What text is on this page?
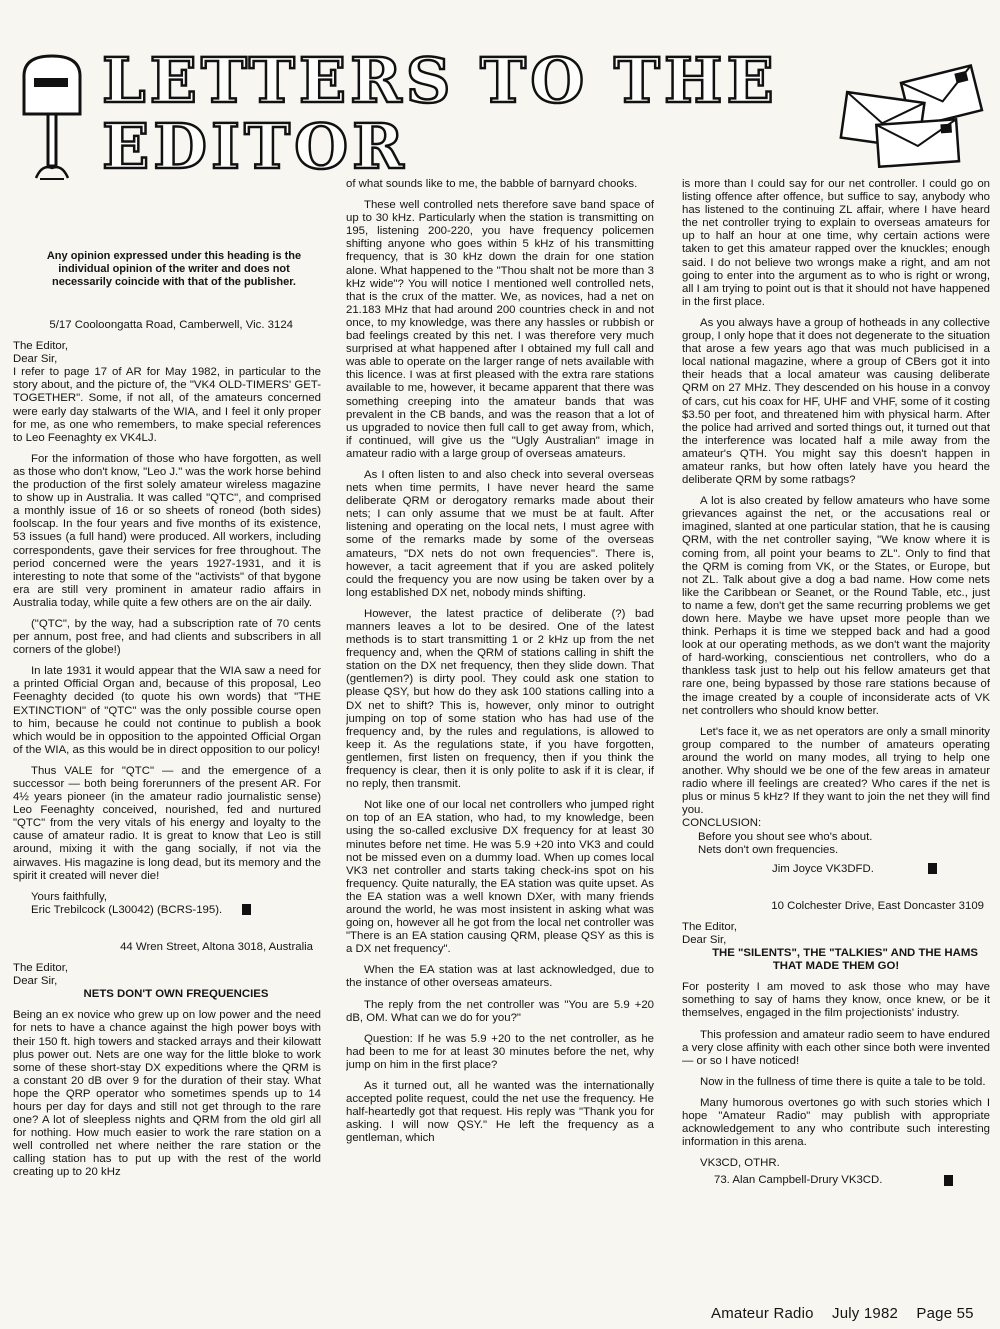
LETTERS TO THE
EDITOR
Any opinion expressed under this heading is the individual opinion of the writer and does not necessarily coincide with that of the publisher.

5/17 Cooloongatta Road, Camberwell, Vic. 3124

The Editor,

Dear Sir,

I refer to page 17 of AR for May 1982, in particular to the story about, and the picture of, the "VK4 OLD-TIMERS' GET-TOGETHER". Some, if not all, of the amateurs concerned were early day stalwarts of the WIA, and I feel it only proper for me, as one who remembers, to make special references to Leo Feenaghty ex VK4LJ.

For the information of those who have forgotten, as well as those who don't know, "Leo J." was the work horse behind the production of the first solely amateur wireless magazine to show up in Australia. It was called "QTC", and comprised a monthly issue of 16 or so sheets of roneod (both sides) foolscap. In the four years and five months of its existence, 53 issues (a full hand) were produced. All workers, including correspondents, gave their services for free throughout. The period concerned were the years 1927-1931, and it is interesting to note that some of the "activists" of that bygone era are still very prominent in amateur radio affairs in Australia today, while quite a few others are on the air daily.

("QTC", by the way, had a subscription rate of 70 cents per annum, post free, and had clients and subscribers in all corners of the globe!)

In late 1931 it would appear that the WIA saw a need for a printed Official Organ and, because of this proposal, Leo Feenaghty decided (to quote his own words) that "THE EXTINCTION" of "QTC" was the only possible course open to him, because he could not continue to publish a book which would be in opposition to the appointed Official Organ of the WIA, as this would be in direct opposition to our policy!

Thus VALE for "QTC" — and the emergence of a successor — both being forerunners of the present AR. For 4½ years pioneer (in the amateur radio journalistic sense) Leo Feenaghty conceived, nourished, fed and nurtured "QTC" from the very vitals of his energy and loyalty to the cause of amateur radio. It is great to know that Leo is still around, mixing it with the gang socially, if not via the airwaves. His magazine is long dead, but its memory and the spirit it created will never die!

Yours faithfully,

Eric Trebilcock (L30042) (BCRS-195).

44 Wren Street, Altona 3018, Australia

The Editor,

Dear Sir,

NETS DON'T OWN FREQUENCIES

Being an ex novice who grew up on low power and the need for nets to have a chance against the high power boys with their 150 ft. high towers and stacked arrays and their kilowatt plus power out. Nets are one way for the little bloke to work some of these short-stay DX expeditions where the QRM is a constant 20 dB over 9 for the duration of their stay. What hope the QRP operator who sometimes spends up to 14 hours per day for days and still not get through to the rare one? A lot of sleepless nights and QRM from the old girl all for nothing. How much easier to work the rare station on a well controlled net where neither the rare station or the calling station has to put up with the rest of the world creating up to 20 kHz

of what sounds like to me, the babble of barnyard chooks.

These well controlled nets therefore save band space of up to 30 kHz. Particularly when the station is transmitting on 195, listening 200-220, you have frequency policemen shifting anyone who goes within 5 kHz of his transmitting frequency, that is 30 kHz down the drain for one station alone. What happened to the "Thou shalt not be more than 3 kHz wide"? You will notice I mentioned well controlled nets, that is the crux of the matter. We, as novices, had a net on 21.183 MHz that had around 200 countries check in and not once, to my knowledge, was there any hassles or rubbish or bad feelings created by this net. I was therefore very much surprised at what happened after I obtained my full call and was able to operate on the larger range of nets available with this licence. I was at first pleased with the extra rare stations available to me, however, it became apparent that there was something creeping into the amateur bands that was prevalent in the CB bands, and was the reason that a lot of us upgraded to novice then full call to get away from, which, if continued, will give us the "Ugly Australian" image in amateur radio with a large group of overseas amateurs.

As I often listen to and also check into several overseas nets when time permits, I have never heard the same deliberate QRM or derogatory remarks made about their nets; I can only assume that we must be at fault. After listening and operating on the local nets, I must agree with some of the remarks made by some of the overseas amateurs, "DX nets do not own frequencies". There is, however, a tacit agreement that if you are asked politely could the frequency you are now using be taken over by a long established DX net, nobody minds shifting.

However, the latest practice of deliberate (?) bad manners leaves a lot to be desired. One of the latest methods is to start transmitting 1 or 2 kHz up from the net frequency and, when the QRM of stations calling in shift the station on the DX net frequency, then they slide down. That (gentlemen?) is dirty pool. They could ask one station to please QSY, but how do they ask 100 stations calling into a DX net to shift? This is, however, only minor to outright jumping on top of some station who has had use of the frequency and, by the rules and regulations, is allowed to keep it. As the regulations state, if you have forgotten, gentlemen, first listen on frequency, then if you think the frequency is clear, then it is only polite to ask if it is clear, if no reply, then transmit.

Not like one of our local net controllers who jumped right on top of an EA station, who had, to my knowledge, been using the so-called exclusive DX frequency for at least 30 minutes before net time. He was 5.9 +20 into VK3 and could not be missed even on a dummy load. When up comes local VK3 net controller and starts taking check-ins spot on his frequency. Quite naturally, the EA station was quite upset. As the EA station was a well known DXer, with many friends around the world, he was most insistent in asking what was going on, however all he got from the local net controller was "There is an EA station causing QRM, please QSY as this is a DX net frequency".

When the EA station was at last acknowledged, due to the instance of other overseas amateurs.

The reply from the net controller was "You are 5.9 +20 dB, OM. What can we do for you?"

Question: If he was 5.9 +20 to the net controller, as he had been to me for at least 30 minutes before the net, why jump on him in the first place?

As it turned out, all he wanted was the internationally accepted polite request, could the net use the frequency. He half-heartedly got that request. His reply was "Thank you for asking. I will now QSY." He left the frequency as a gentleman, which

is more than I could say for our net controller. I could go on listing offence after offence, but suffice to say, anybody who has listened to the continuing ZL affair, where I have heard the net controller trying to explain to overseas amateurs for up to half an hour at one time, why certain actions were taken to get this amateur rapped over the knuckles; enough said. I do not believe two wrongs make a right, and am not going to enter into the argument as to who is right or wrong, all I am trying to point out is that it should not have happened in the first place.

As you always have a group of hotheads in any collective group, I only hope that it does not degenerate to the situation that arose a few years ago that was much publicised in a local national magazine, where a group of CBers got it into their heads that a local amateur was causing deliberate QRM on 27 MHz. They descended on his house in a convoy of cars, cut his coax for HF, UHF and VHF, some of it costing $3.50 per foot, and threatened him with physical harm. After the police had arrived and sorted things out, it turned out that the interference was located half a mile away from the amateur's QTH. You might say this doesn't happen in amateur ranks, but how often lately have you heard the deliberate QRM by some ratbags?

A lot is also created by fellow amateurs who have some grievances against the net, or the accusations real or imagined, slanted at one particular station, that he is causing QRM, with the net controller saying, "We know where it is coming from, all point your beams to ZL". Only to find that the QRM is coming from VK, or the States, or Europe, but not ZL. Talk about give a dog a bad name. How come nets like the Caribbean or Seanet, or the Round Table, etc., just to name a few, don't get the same recurring problems we get down here. Maybe we have upset more people than we think. Perhaps it is time we stepped back and had a good look at our operating methods, as we don't want the majority of hard-working, conscientious net controllers, who do a thankless task just to help out his fellow amateurs get that rare one, being bypassed by those rare stations because of the image created by a couple of inconsiderate acts of VK net controllers who should know better.

Let's face it, we as net operators are only a small minority group compared to the number of amateurs operating around the world on many modes, all trying to help one another. Why should we be one of the few areas in amateur radio where ill feelings are created? Who cares if the net is plus or minus 5 kHz? If they want to join the net they will find you.

CONCLUSION:

Before you shout see who's about.

Nets don't own frequencies.

Jim Joyce VK3DFD.

10 Colchester Drive, East Doncaster 3109

The Editor,

Dear Sir,

THE "SILENTS", THE "TALKIES" AND THE HAMS THAT MADE THEM GO!

For posterity I am moved to ask those who may have something to say of hams they know, once knew, or be it themselves, engaged in the film projectionists' industry.

This profession and amateur radio seem to have endured a very close affinity with each other since both were invented — or so I have noticed!

Now in the fullness of time there is quite a tale to be told.

Many humorous overtones go with such stories which I hope "Amateur Radio" may publish with appropriate acknowledgement to any who contribute such interesting information in this arena.

VK3CD, OTHR.

73. Alan Campbell-Drury VK3CD.

Amateur Radio July 1982 Page 55
